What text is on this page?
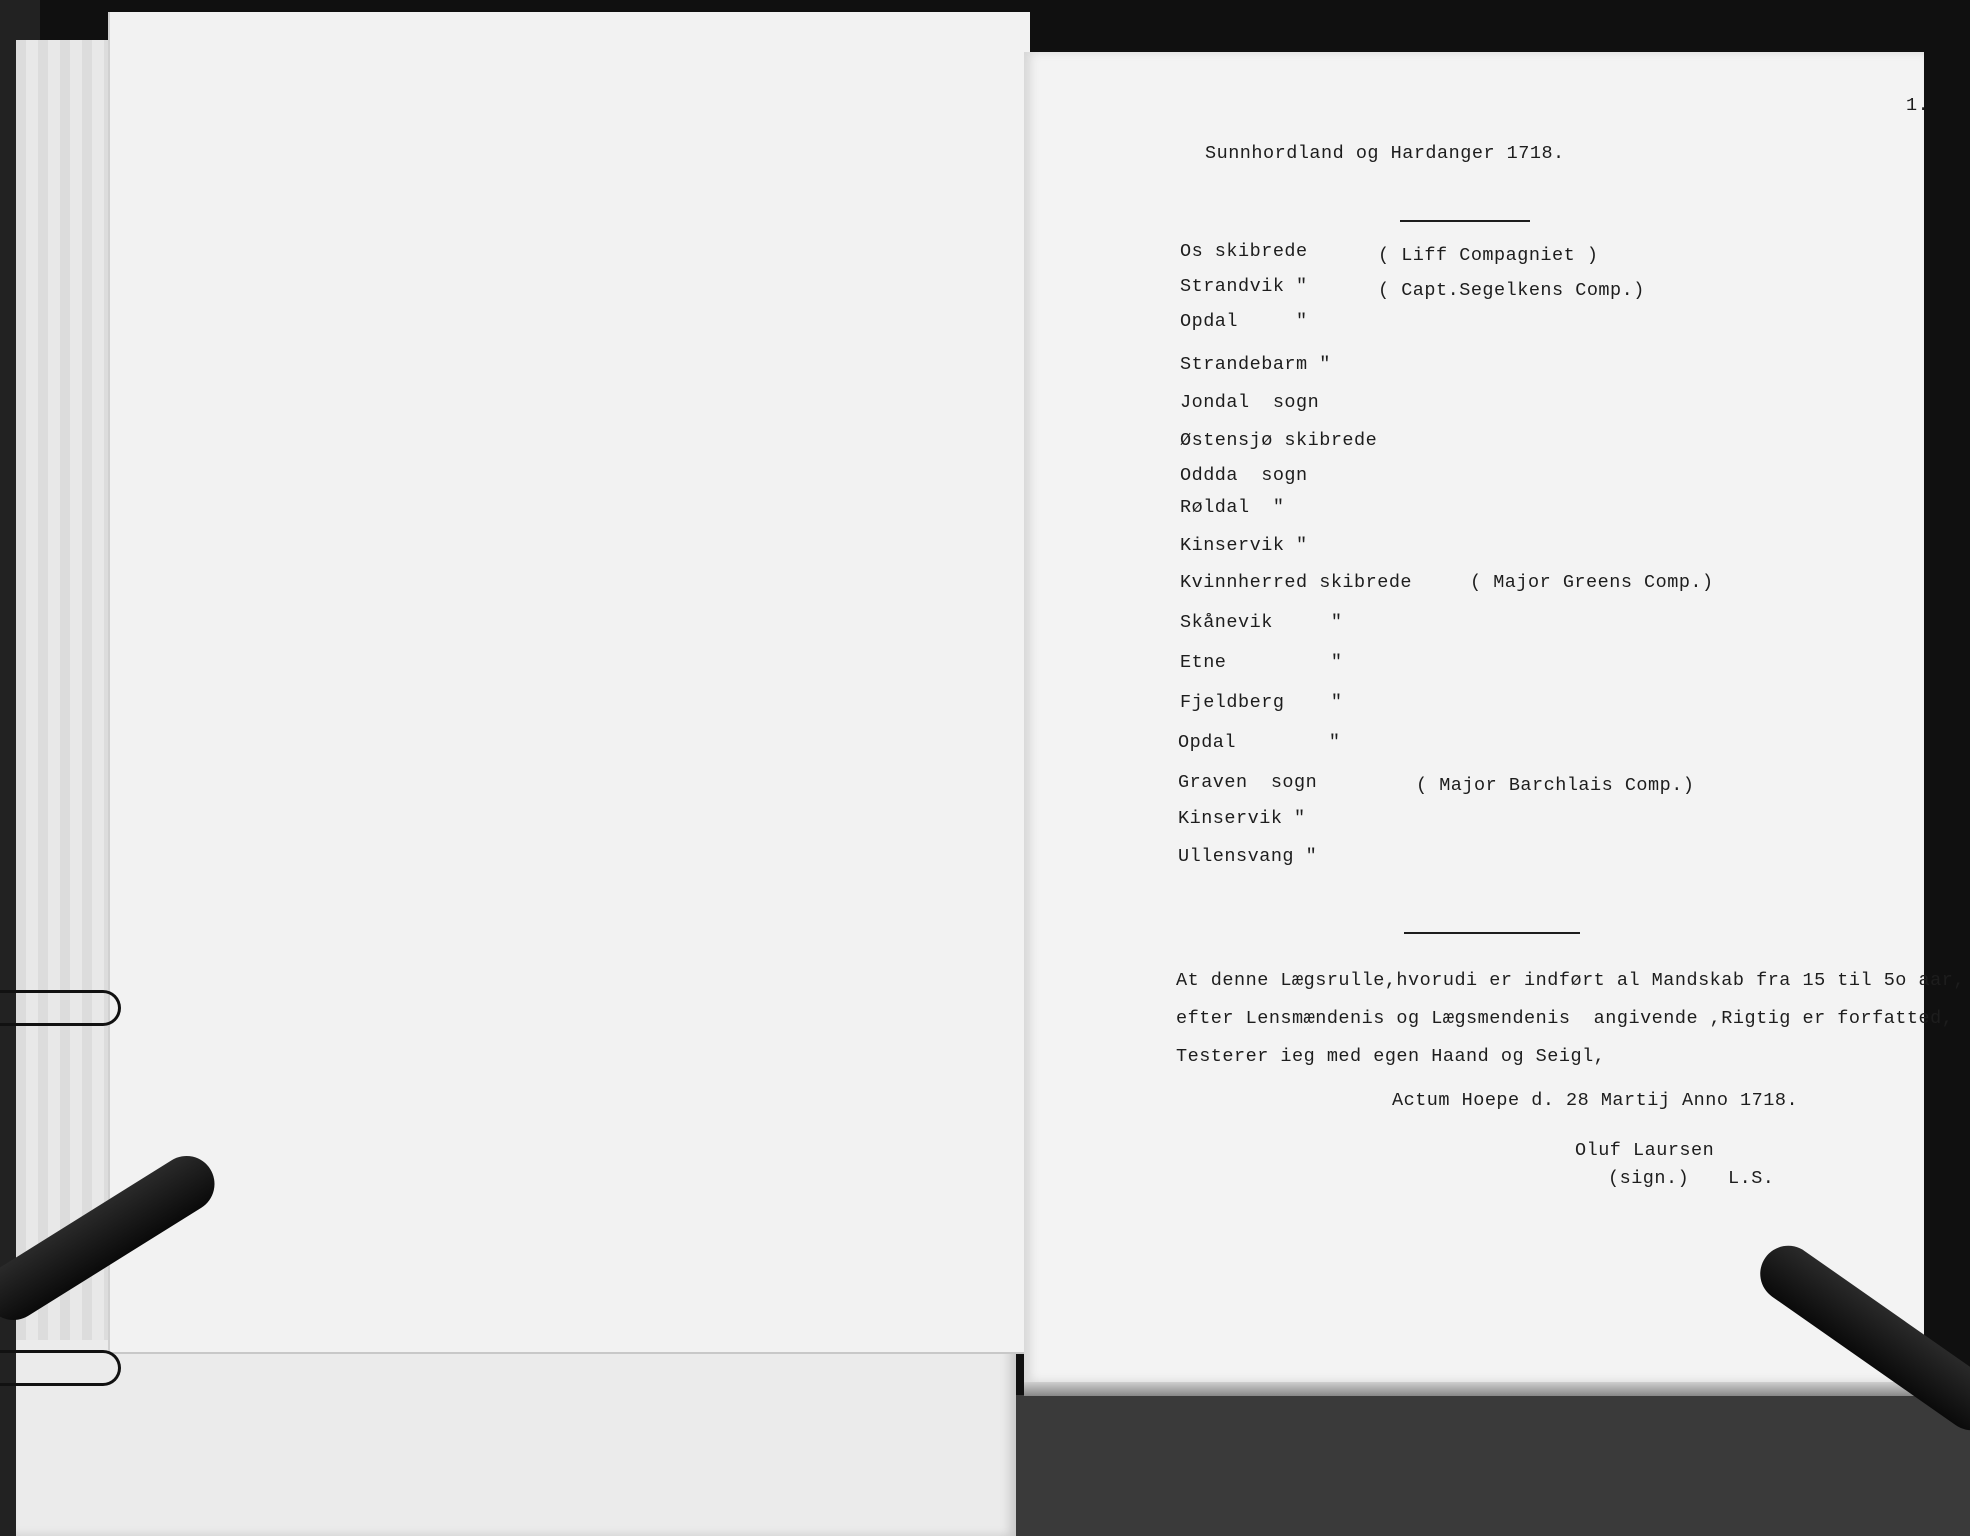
1.
Sunnhordland og Hardanger 1718.
Os skibrede	( Liff Compagniet )
Strandvik "	( Capt.Segelkens Comp.)
Opdal     "
Strandebarm "
Jondal  sogn
Østensjø skibrede
Oddda  sogn
Røldal  "
Kinservik "
Kvinnherred skibrede	( Major Greens Comp.)
Skånevik     "
Etne         "
Fjeldberg    "
Opdal        "
Graven  sogn	( Major Barchlais Comp.)
Kinservik "
Ullensvang "
At denne Lægsrulle,hvorudi er indført al Mandskab fra 15 til 5o aar,
efter Lensmændenis og Lægsmendenis  angivende ,Rigtig er forfatted,
Testerer ieg med egen Haand og Seigl,
Actum Hoepe d. 28 Martij Anno 1718.
Oluf Laursen
(sign.) L.S.
